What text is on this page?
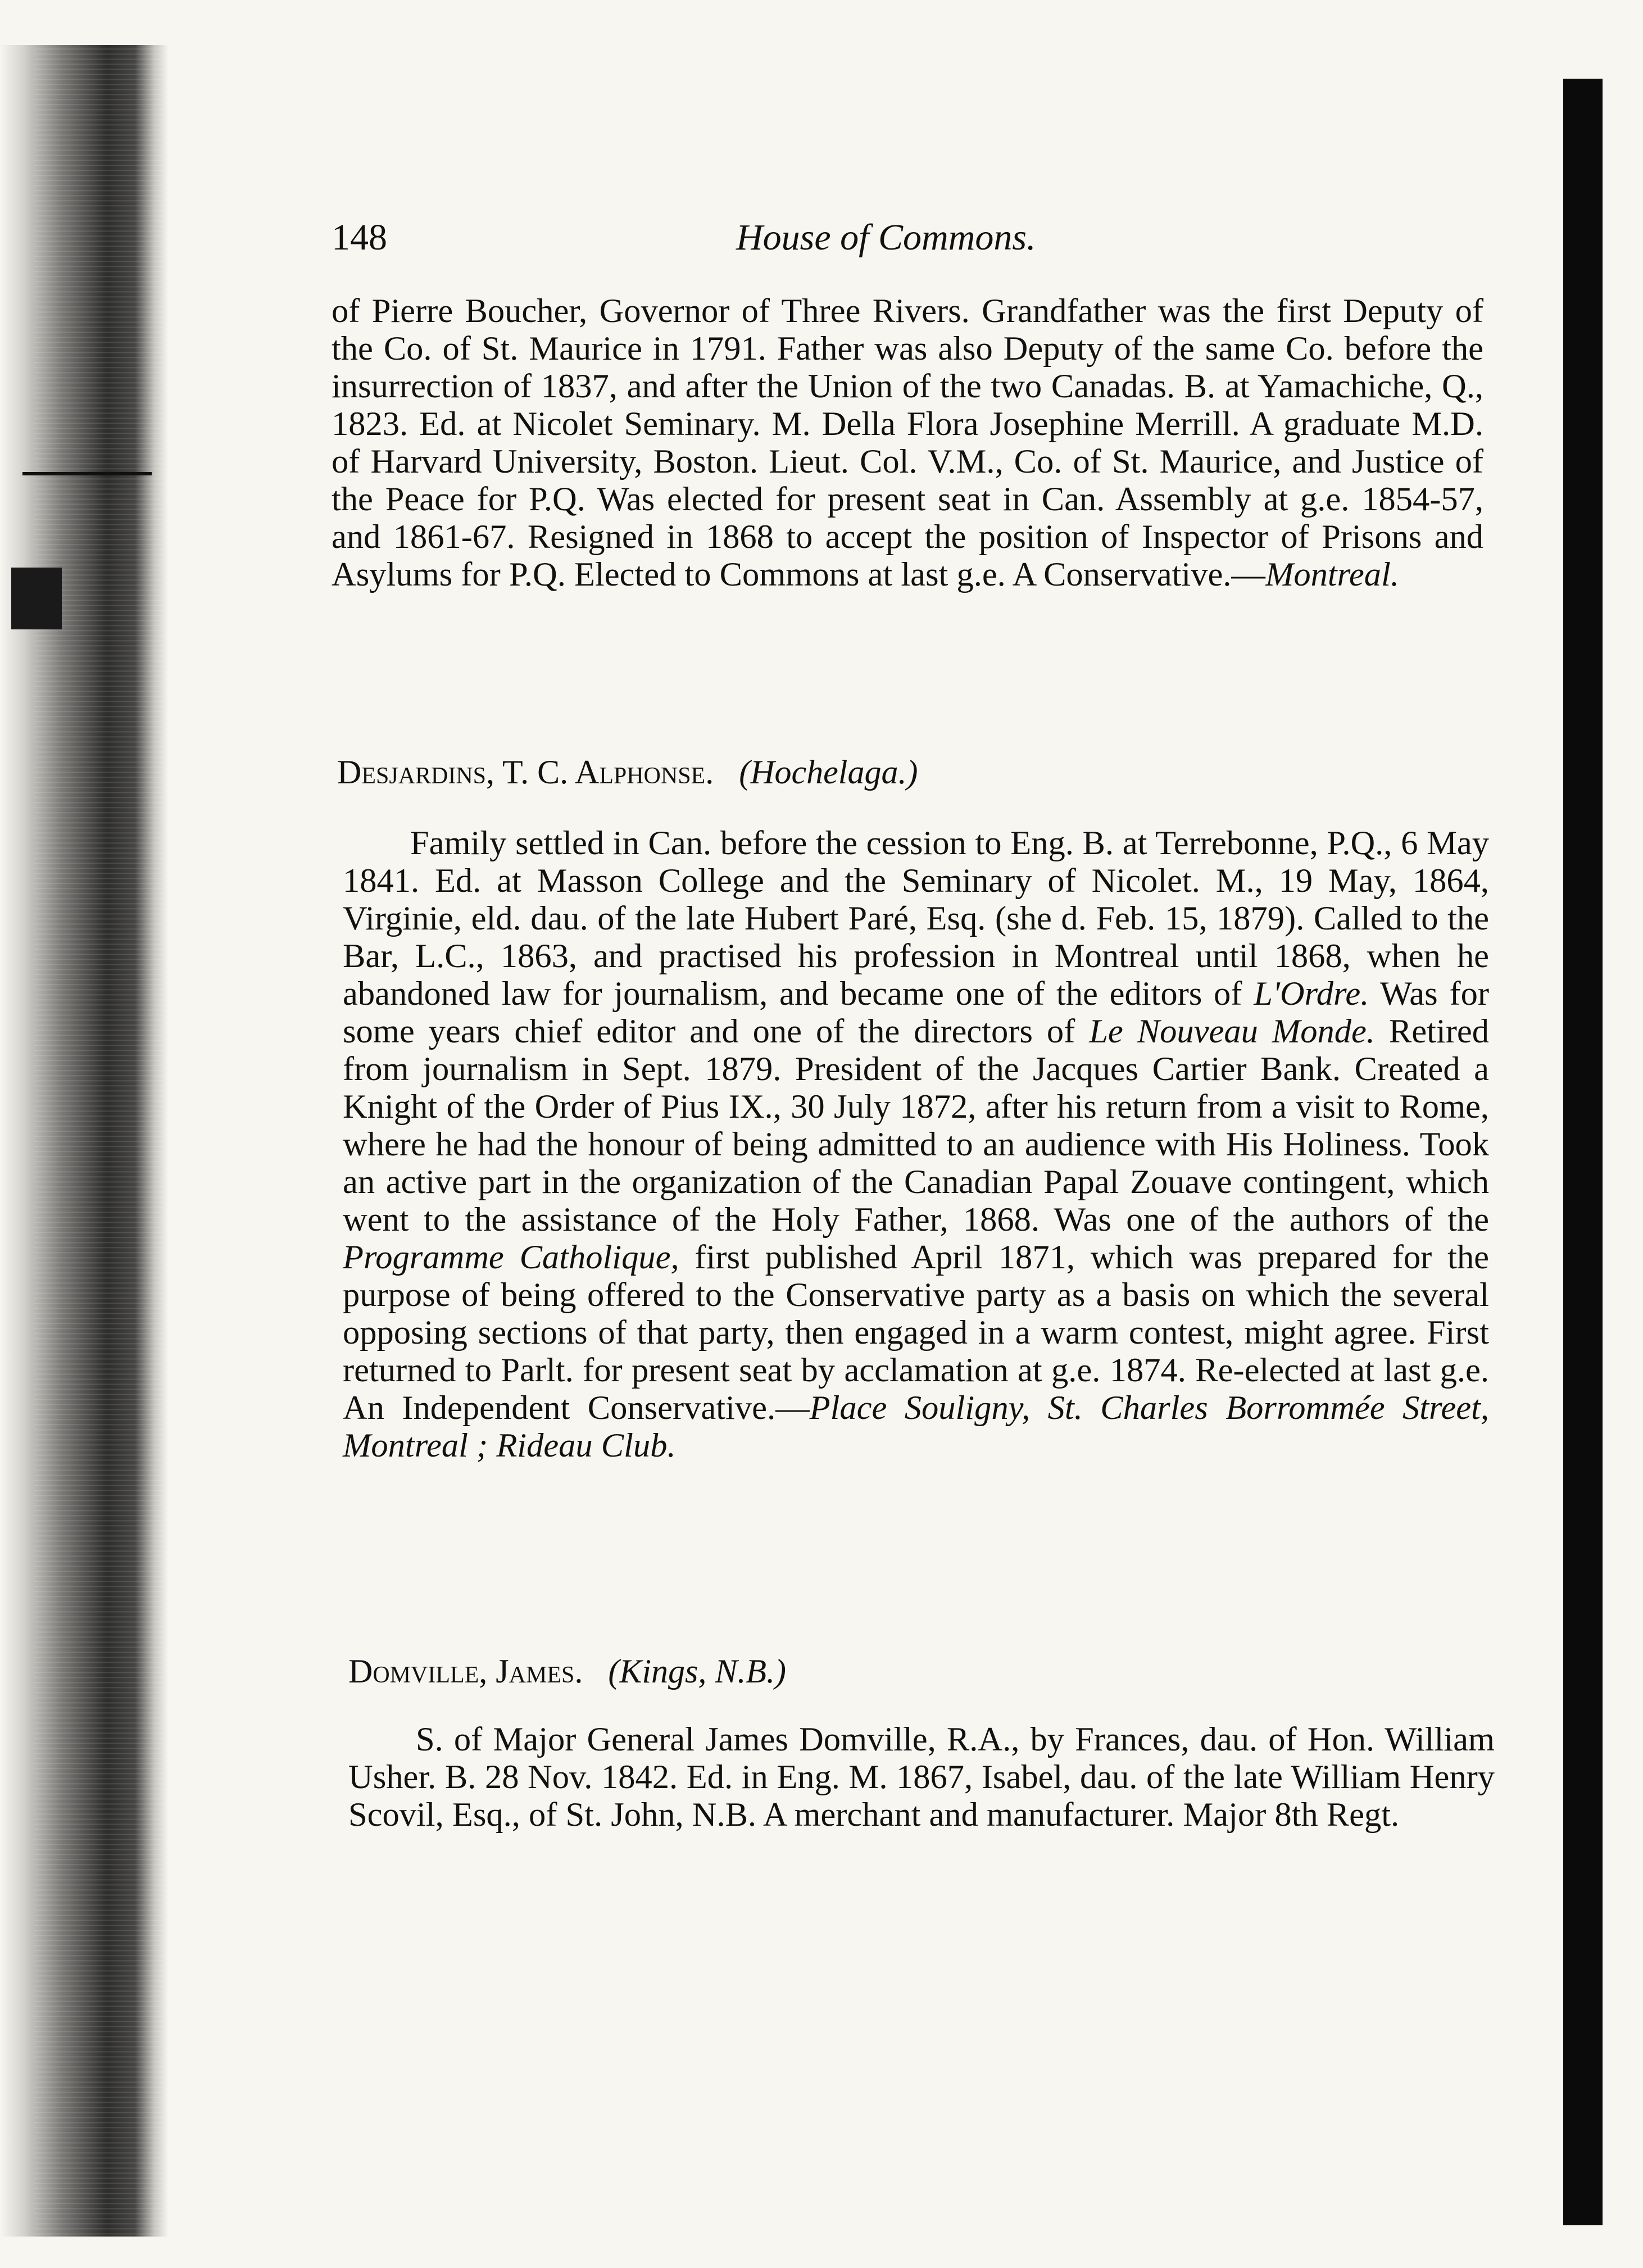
148	House of Commons.

of Pierre Boucher, Governor of Three Rivers. Grandfather was the first Deputy of the Co. of St. Maurice in 1791. Father was also Deputy of the same Co. before the insurrection of 1837, and after the Union of the two Canadas. B. at Yamachiche, Q., 1823. Ed. at Nicolet Seminary. M. Della Flora Josephine Merrill. A graduate M.D. of Harvard University, Boston. Lieut. Col. V.M., Co. of St. Maurice, and Justice of the Peace for P.Q. Was elected for present seat in Can. Assembly at g.e. 1854-57, and 1861-67. Resigned in 1868 to accept the position of Inspector of Prisons and Asylums for P.Q. Elected to Commons at last g.e. A Conservative.—Montreal.

Desjardins, T. C. Alphonse. (Hochelaga.)

Family settled in Can. before the cession to Eng. B. at Terrebonne, P.Q., 6 May 1841. Ed. at Masson College and the Seminary of Nicolet. M., 19 May, 1864, Virginie, eld. dau. of the late Hubert Paré, Esq. (she d. Feb. 15, 1879). Called to the Bar, L.C., 1863, and practised his profession in Montreal until 1868, when he abandoned law for journalism, and became one of the editors of L'Ordre. Was for some years chief editor and one of the directors of Le Nouveau Monde. Retired from journalism in Sept. 1879. President of the Jacques Cartier Bank. Created a Knight of the Order of Pius IX., 30 July 1872, after his return from a visit to Rome, where he had the honour of being admitted to an audience with His Holiness. Took an active part in the organization of the Canadian Papal Zouave contingent, which went to the assistance of the Holy Father, 1868. Was one of the authors of the Programme Catholique, first published April 1871, which was prepared for the purpose of being offered to the Conservative party as a basis on which the several opposing sections of that party, then engaged in a warm contest, might agree. First returned to Parlt. for present seat by acclamation at g.e. 1874. Re-elected at last g.e. An Independent Conservative.—Place Souligny, St. Charles Borrommée Street, Montreal ; Rideau Club.

Domville, James. (Kings, N.B.)

S. of Major General James Domville, R.A., by Frances, dau. of Hon. William Usher. B. 28 Nov. 1842. Ed. in Eng. M. 1867, Isabel, dau. of the late William Henry Scovil, Esq., of St. John, N.B. A merchant and manufacturer. Major 8th Regt.
